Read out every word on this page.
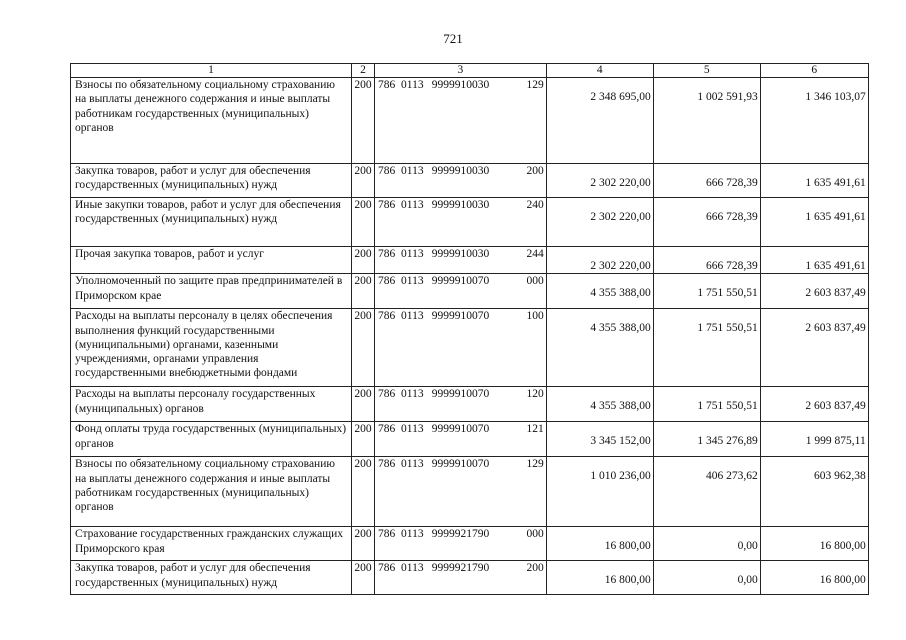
721
1	2	3	4	5	6
Взносы по обязательному социальному страхованию на выплаты денежного содержания и иные выплаты работникам государственных (муниципальных) органов	200	786 0113 9999910030 129	2 348 695,00	1 002 591,93	1 346 103,07
Закупка товаров, работ и услуг для обеспечения государственных (муниципальных) нужд	200	786 0113 9999910030 200	2 302 220,00	666 728,39	1 635 491,61
Иные закупки товаров, работ и услуг для обеспечения государственных (муниципальных) нужд	200	786 0113 9999910030 240	2 302 220,00	666 728,39	1 635 491,61
Прочая закупка товаров, работ и услуг	200	786 0113 9999910030 244	2 302 220,00	666 728,39	1 635 491,61
Уполномоченный по защите прав предпринимателей в Приморском крае	200	786 0113 9999910070 000	4 355 388,00	1 751 550,51	2 603 837,49
Расходы на выплаты персоналу в целях обеспечения выполнения функций государственными (муниципальными) органами, казенными учреждениями, органами управления государственными внебюджетными фондами	200	786 0113 9999910070 100	4 355 388,00	1 751 550,51	2 603 837,49
Расходы на выплаты персоналу государственных (муниципальных) органов	200	786 0113 9999910070 120	4 355 388,00	1 751 550,51	2 603 837,49
Фонд оплаты труда государственных (муниципальных) органов	200	786 0113 9999910070 121	3 345 152,00	1 345 276,89	1 999 875,11
Взносы по обязательному социальному страхованию на выплаты денежного содержания и иные выплаты работникам государственных (муниципальных) органов	200	786 0113 9999910070 129	1 010 236,00	406 273,62	603 962,38
Страхование государственных гражданских служащих Приморского края	200	786 0113 9999921790 000	16 800,00	0,00	16 800,00
Закупка товаров, работ и услуг для обеспечения государственных (муниципальных) нужд	200	786 0113 9999921790 200	16 800,00	0,00	16 800,00
